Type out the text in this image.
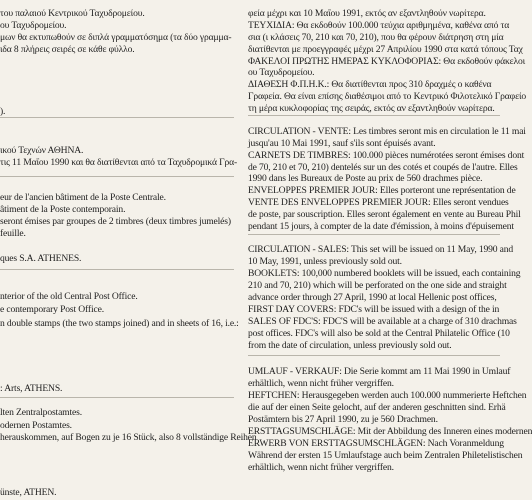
του παλαιού Κεντρικού Ταχυδρομείου.
ου Ταχυδρομείου.
μων θα εκτυπωθούν σε διπλά γραμματόσημα (τα δύο γραμμα-
ιδα 8 πλήρεις σειρές σε κάθε φύλλο.
).
ικού Τεχνών ΑΘΗΝΑ.
τις 11 Μαΐου 1990 και θα διατίθενται από τα Ταχυδρομικά Γρα-
eur de l'ancien bâtiment de la Poste Centrale.
âtiment de la Poste contemporain.
seront émises par groupes de 2 timbres (deux timbres jumelés)
feuille.
ques S.A. ATHENES.
nterior of the old Central Post Office.
e contemporary Post Office.
n double stamps (the two stamps joined) and in sheets of 16, i.e.:
: Arts, ATHENS.
lten Zentralpostamtes.
odernen Postamtes.
herauskommen, auf Bogen zu je 16 Stück, also 8 vollständige Reihen
ünste, ATHEN.
φεία μέχρι και 10 Μαΐου 1991, εκτός αν εξαντληθούν νωρίτερα.
ΤΕΥΧΙΔΙΑ: Θα εκδοθούν 100.000 τεύχια αριθμημένα, καθένα από τα
σια (ι κλάσεις 70, 210 και 70, 210), που θα φέρουν διάτρηση στη μία
διατίθενται με προεγγραφές μέχρι 27 Απριλίου 1990 στα κατά τόπους Ταχ
ΦΑΚΕΛΟΙ ΠΡΩΤΗΣ ΗΜΕΡΑΣ ΚΥΚΛΟΦΟΡΙΑΣ: Θα εκδοθούν φάκελοι
ου Ταχυδρομείου.
ΔΙΑΘΕΣΗ Φ.Π.Η.Κ.: Θα διατίθενται προς 310 δραχμές ο καθένα
Γραφεία. Θα είναι επίσης διαθέσιμοι από το Κεντρικό Φιλοτελικό Γραφείο
τη μέρα κυκλοφορίας της σειράς, εκτός αν εξαντληθούν νωρίτερα.
CIRCULATION - VENTE: Les timbres seront mis en circulation le 11 mai
jusqu'au 10 Mai 1991, sauf s'ils sont épuisés avant.
CARNETS DE TIMBRES: 100.000 pièces numérotées seront émises dont
de 70, 210 et 70, 210) dentelés sur un des cotés et coupés de l'autre. Elles
1990 dans les Bureaux de Poste au prix de 560 drachmes pièce.
ENVELOPPES PREMIER JOUR: Elles porteront une représentation de
VENTE DES ENVELOPPES PREMIER JOUR: Elles seront vendues
de poste, par souscription. Elles seront également en vente au Bureau Phil
pendant 15 jours, à compter de la date d'émission, à moins d'épuisement
CIRCULATION - SALES: This set will be issued on 11 May, 1990 and
10 May, 1991, unless previously sold out.
BOOKLETS: 100,000 numbered booklets will be issued, each containing
210 and 70, 210) which will be perforated on the one side and straight
advance order through 27 April, 1990 at local Hellenic post offices,
FIRST DAY COVERS: FDC's will be issued with a design of the in
SALES OF FDC'S: FDC'S will be available at a charge of 310 drachmas
post offices. FDC's will also be sold at the Central Philatelic Office (10
from the date of circulation, unless previously sold out.
UMLAUF - VERKAUF: Die Serie kommt am 11 Mai 1990 in Umlauf
erhältlich, wenn nicht früher vergriffen.
HEFTCHEN: Herausgegeben werden auch 100.000 nummerierte Heftchen
die auf der einen Seite gelocht, auf der anderen geschnitten sind. Erhä
Postämtern bis 27 April 1990, zu je 560 Drachmen.
ERSTTAGSUMSCHLÄGE: Mit der Abbildung des Inneren eines modernen
ERWERB VON ERSTTAGSUMSCHLÄGEN: Nach Voranmeldung
Während der ersten 15 Umlaufstage auch beim Zentralen Philetelistischen
erhältlich, wenn nicht früher vergriffen.
